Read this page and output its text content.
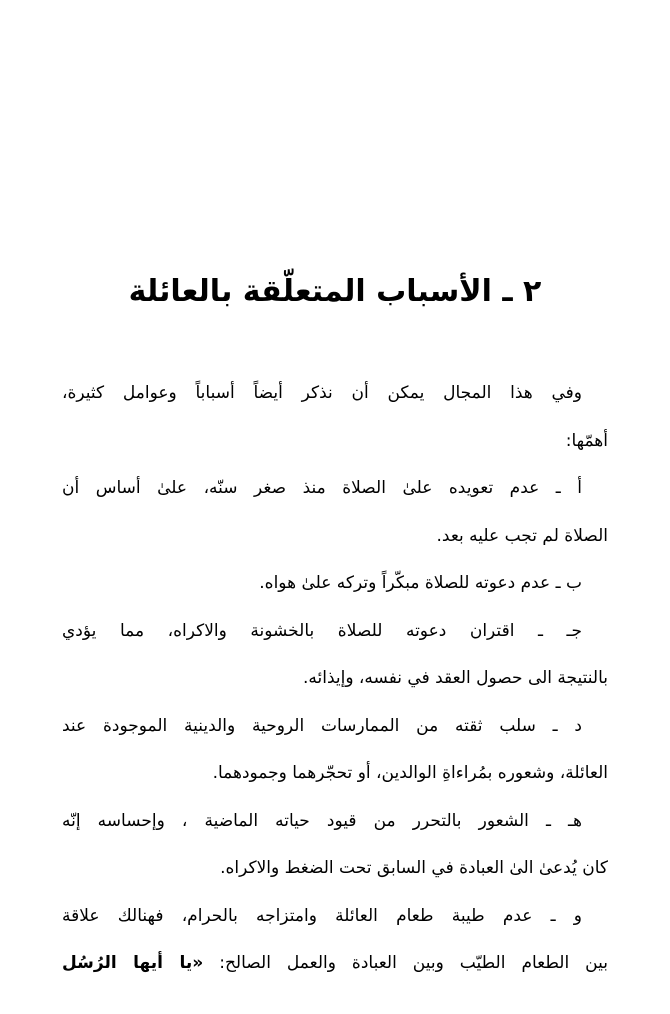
٢ ـ الأسباب المتعلّقة بالعائلة
وفي هذا المجال يمكن أن نذكر أيضاً أسباباً وعوامل كثيرة،
أهمّها:
أ ـ عدم تعويده علىٰ الصلاة منذ صغر سنّه، علىٰ أساس أن
الصلاة لم تجب عليه بعد.
ب ـ عدم دعوته للصلاة مبكّراً وتركه علىٰ هواه.
جـ ـ اقتران دعوته للصلاة بالخشونة والاكراه، مما يؤدي
بالنتيجة الى حصول العقد في نفسه، وإيذائه.
د ـ سلب ثقته من الممارسات الروحية والدينية الموجودة عند
العائلة، وشعوره بمُراءاةِ الوالدين، أو تحجّرهما وجمودهما.
هـ ـ الشعور بالتحرر من قيود حياته الماضية ، وإحساسه إنّه
كان يُدعىٰ الىٰ العبادة في السابق تحت الضغط والاكراه.
و ـ عدم طيبة طعام العائلة وامتزاجه بالحرام، فهنالك علاقة
بين الطعام الطيّب وبين العبادة والعمل الصالح: «يا أيها الرُسُل
